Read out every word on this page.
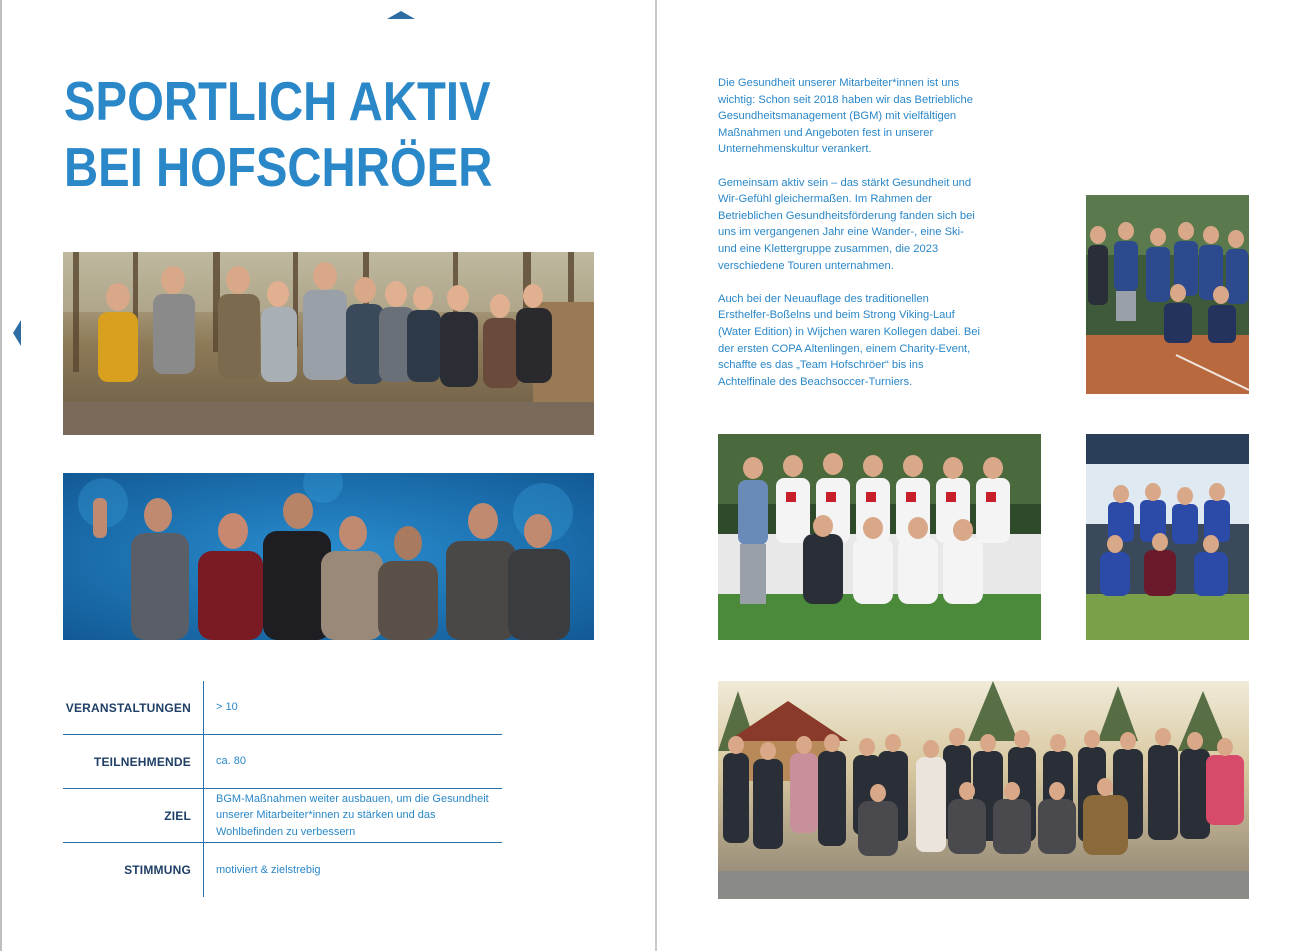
SPORTLICH AKTIV
BEI HOFSCHRÖER
VERANSTALTUNGEN > 10
TEILNEHMENDE ca. 80
ZIEL
BGM-Maßnahmen weiter ausbauen, um die Gesundheit unserer Mitarbeiter*innen zu stärken und das Wohlbefinden zu verbessern
STIMMUNG motiviert & zielstrebig

Die Gesundheit unserer Mitarbeiter*innen ist uns wichtig: Schon seit 2018 haben wir das Betriebliche Gesundheitsmanagement (BGM) mit vielfältigen Maßnahmen und Angeboten fest in unserer Unternehmenskultur verankert.

Gemeinsam aktiv sein – das stärkt Gesundheit und Wir-Gefühl gleichermaßen. Im Rahmen der Betrieblichen Gesundheitsförderung fanden sich bei uns im vergangenen Jahr eine Wander-, eine Ski- und eine Klettergruppe zusammen, die 2023 verschiedene Touren unternahmen.

Auch bei der Neuauflage des traditionellen Ersthelfer-Boßelns und beim Strong Viking-Lauf (Water Edition) in Wijchen waren Kollegen dabei. Bei der ersten COPA Altenlingen, einem Charity-Event, schaffte es das „Team Hofschröer“ bis ins Achtelfinale des Beachsoccer-Turniers.
